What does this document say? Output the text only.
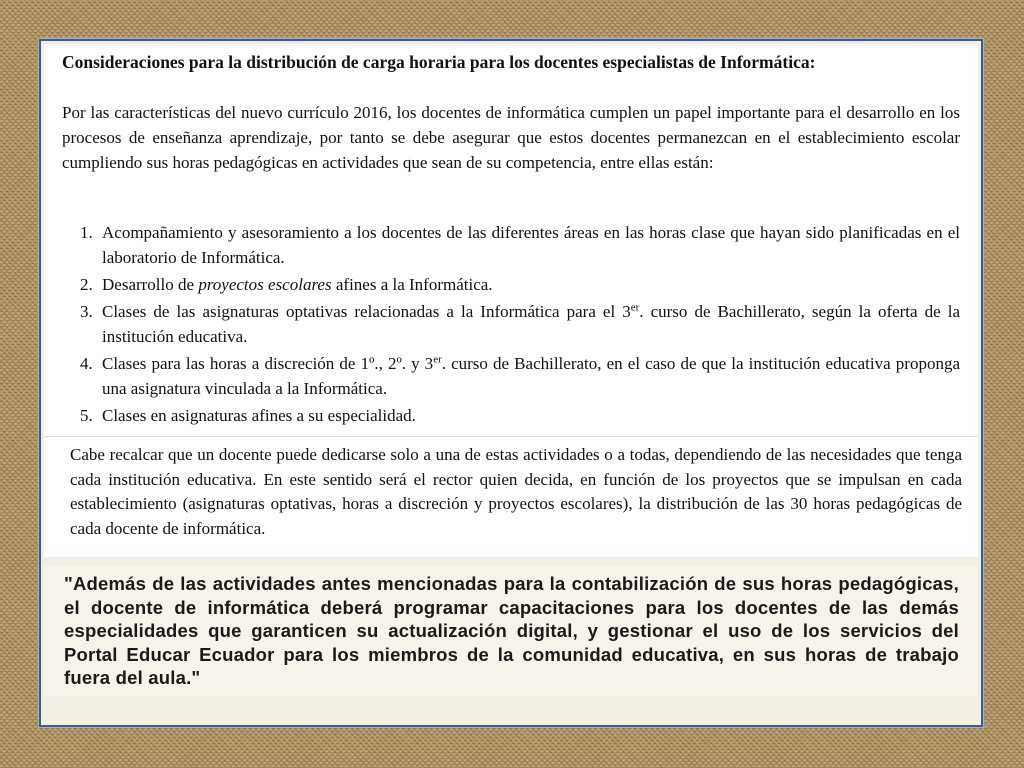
Consideraciones para la distribución de carga horaria para los docentes especialistas de Informática:

Por las características del nuevo currículo 2016, los docentes de informática cumplen un papel importante para el desarrollo en los procesos de enseñanza aprendizaje, por tanto se debe asegurar que estos docentes permanezcan en el establecimiento escolar cumpliendo sus horas pedagógicas en actividades que sean de su competencia, entre ellas están:

1. Acompañamiento y asesoramiento a los docentes de las diferentes áreas en las horas clase que hayan sido planificadas en el laboratorio de Informática.
2. Desarrollo de proyectos escolares afines a la Informática.
3. Clases de las asignaturas optativas relacionadas a la Informática para el 3er. curso de Bachillerato, según la oferta de la institución educativa.
4. Clases para las horas a discreción de 1º., 2º. y 3er. curso de Bachillerato, en el caso de que la institución educativa proponga una asignatura vinculada a la Informática.
5. Clases en asignaturas afines a su especialidad.

Cabe recalcar que un docente puede dedicarse solo a una de estas actividades o a todas, dependiendo de las necesidades que tenga cada institución educativa. En este sentido será el rector quien decida, en función de los proyectos que se impulsan en cada establecimiento (asignaturas optativas, horas a discreción y proyectos escolares), la distribución de las 30 horas pedagógicas de cada docente de informática.

"Además de las actividades antes mencionadas para la contabilización de sus horas pedagógicas, el docente de informática deberá programar capacitaciones para los docentes de las demás especialidades que garanticen su actualización digital, y gestionar el uso de los servicios del Portal Educar Ecuador para los miembros de la comunidad educativa, en sus horas de trabajo fuera del aula."
